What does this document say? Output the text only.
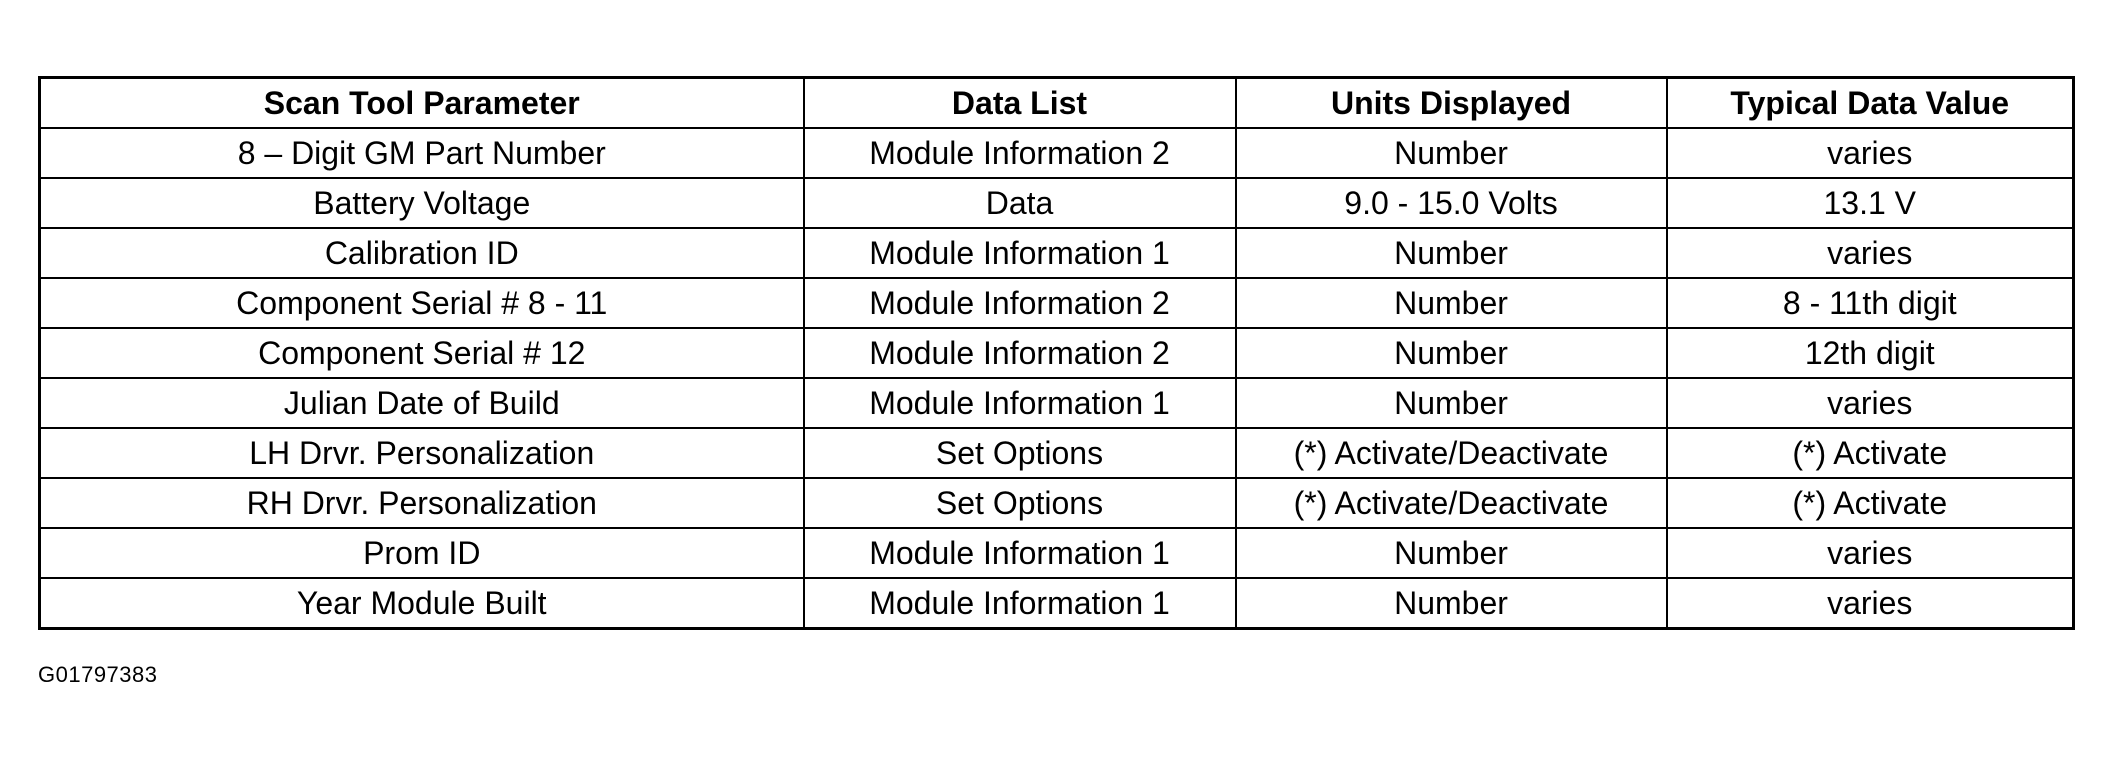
Scan Tool Parameter	Data List	Units Displayed	Typical Data Value
8 – Digit GM Part Number	Module Information 2	Number	varies
Battery Voltage	Data	9.0 - 15.0 Volts	13.1 V
Calibration ID	Module Information 1	Number	varies
Component Serial # 8 - 11	Module Information 2	Number	8 - 11th digit
Component Serial # 12	Module Information 2	Number	12th digit
Julian Date of Build	Module Information 1	Number	varies
LH Drvr. Personalization	Set Options	(*) Activate/Deactivate	(*) Activate
RH Drvr. Personalization	Set Options	(*) Activate/Deactivate	(*) Activate
Prom ID	Module Information 1	Number	varies
Year Module Built	Module Information 1	Number	varies
G01797383
